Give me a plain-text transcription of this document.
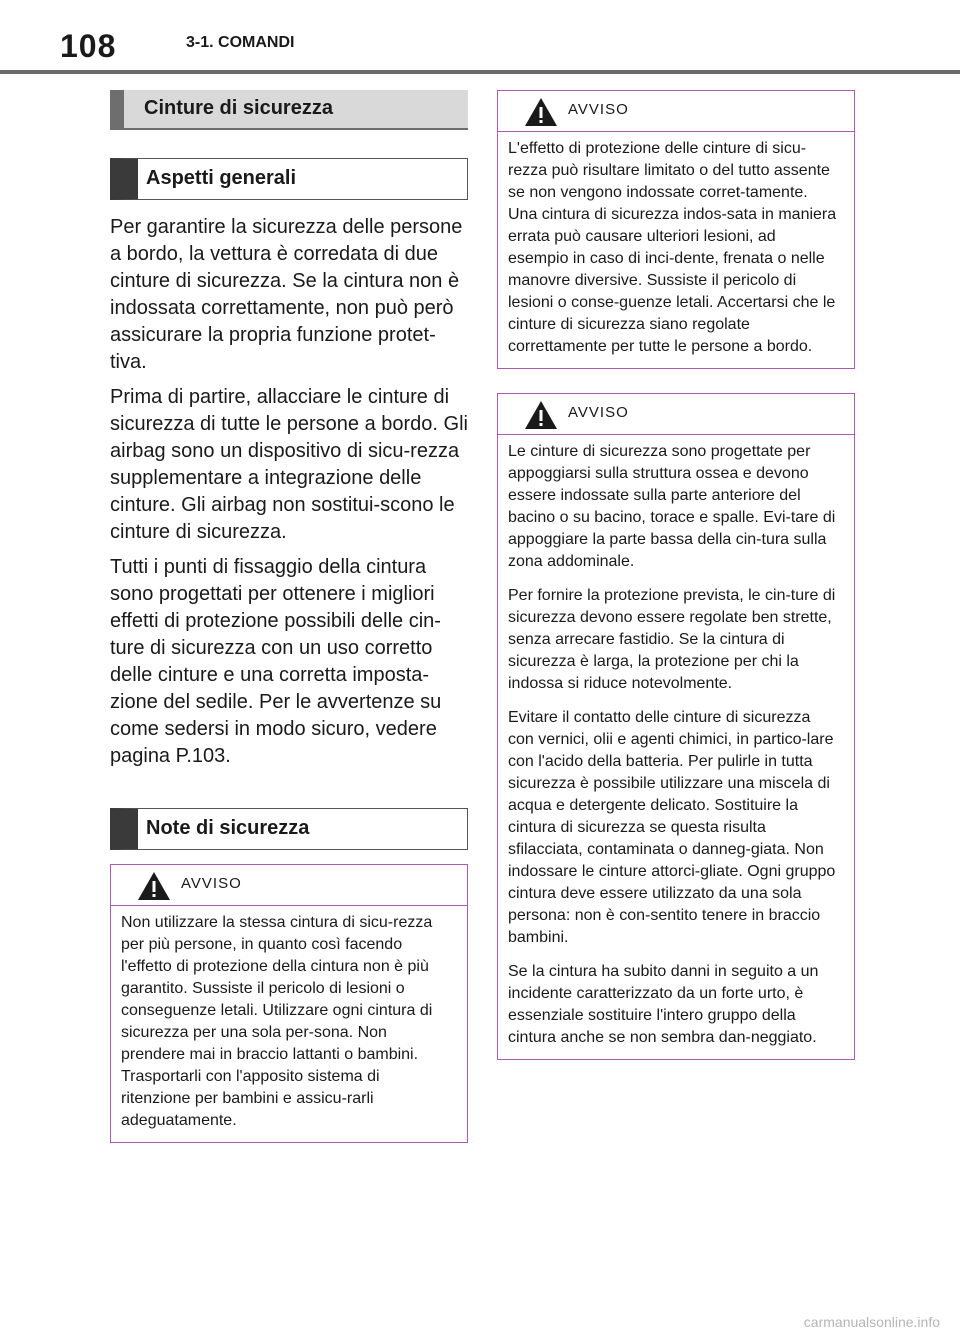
108	3-1. COMANDI
Cinture di sicurezza
Aspetti generali

Per garantire la sicurezza delle persone a bordo, la vettura è corredata di due cinture di sicurezza. Se la cintura non è indossata correttamente, non può però assicurare la propria funzione protet-tiva.

Prima di partire, allacciare le cinture di sicurezza di tutte le persone a bordo. Gli airbag sono un dispositivo di sicu-rezza supplementare a integrazione delle cinture. Gli airbag non sostitui-scono le cinture di sicurezza.

Tutti i punti di fissaggio della cintura sono progettati per ottenere i migliori effetti di protezione possibili delle cin-ture di sicurezza con un uso corretto delle cinture e una corretta imposta-zione del sedile. Per le avvertenze su come sedersi in modo sicuro, vedere pagina P.103.

Note di sicurezza
AVVISO

Non utilizzare la stessa cintura di sicu-rezza per più persone, in quanto così facendo l'effetto di protezione della cintura non è più garantito. Sussiste il pericolo di lesioni o conseguenze letali. Utilizzare ogni cintura di sicurezza per una sola per-sona. Non prendere mai in braccio lattanti o bambini. Trasportarli con l'apposito sistema di ritenzione per bambini e assicu-rarli adeguatamente.

AVVISO

L'effetto di protezione delle cinture di sicu-rezza può risultare limitato o del tutto assente se non vengono indossate corret-tamente. Una cintura di sicurezza indos-sata in maniera errata può causare ulteriori lesioni, ad esempio in caso di inci-dente, frenata o nelle manovre diversive. Sussiste il pericolo di lesioni o conse-guenze letali. Accertarsi che le cinture di sicurezza siano regolate correttamente per tutte le persone a bordo.

AVVISO

Le cinture di sicurezza sono progettate per appoggiarsi sulla struttura ossea e devono essere indossate sulla parte anteriore del bacino o su bacino, torace e spalle. Evi-tare di appoggiare la parte bassa della cin-tura sulla zona addominale.

Per fornire la protezione prevista, le cin-ture di sicurezza devono essere regolate ben strette, senza arrecare fastidio. Se la cintura di sicurezza è larga, la protezione per chi la indossa si riduce notevolmente.

Evitare il contatto delle cinture di sicurezza con vernici, olii e agenti chimici, in partico-lare con l'acido della batteria. Per pulirle in tutta sicurezza è possibile utilizzare una miscela di acqua e detergente delicato. Sostituire la cintura di sicurezza se questa risulta sfilacciata, contaminata o danneg-giata. Non indossare le cinture attorci-gliate. Ogni gruppo cintura deve essere utilizzato da una sola persona: non è con-sentito tenere in braccio bambini.

Se la cintura ha subito danni in seguito a un incidente caratterizzato da un forte urto, è essenziale sostituire l'intero gruppo della cintura anche se non sembra dan-neggiato.

carmanualsonline.info
